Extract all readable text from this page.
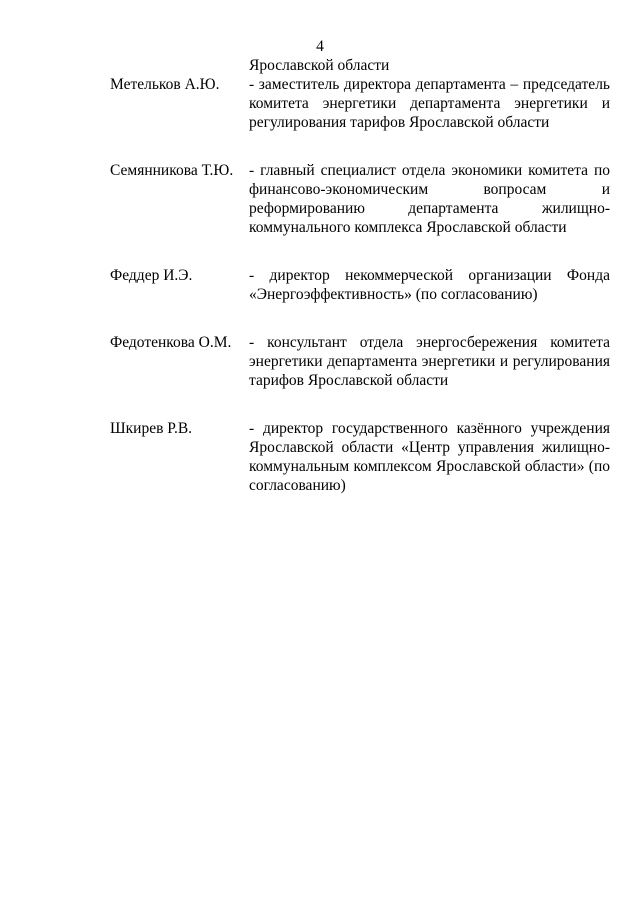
4
Ярославской области
Метельков А.Ю.	- заместитель директора департамента – председатель комитета энергетики департамента энергетики и регулирования тарифов Ярославской области
Семянникова Т.Ю.	- главный специалист отдела экономики комитета по финансово-экономическим вопросам и реформированию департамента жилищно-коммунального комплекса Ярославской области
Феддер И.Э.	- директор некоммерческой организации Фонда «Энергоэффективность» (по согласованию)
Федотенкова О.М.	- консультант отдела энергосбережения комитета энергетики департамента энергетики и регулирования тарифов Ярославской области
Шкирев Р.В.	- директор государственного казённого учреждения Ярославской области «Центр управления жилищно-коммунальным комплексом Ярославской области» (по согласованию)
